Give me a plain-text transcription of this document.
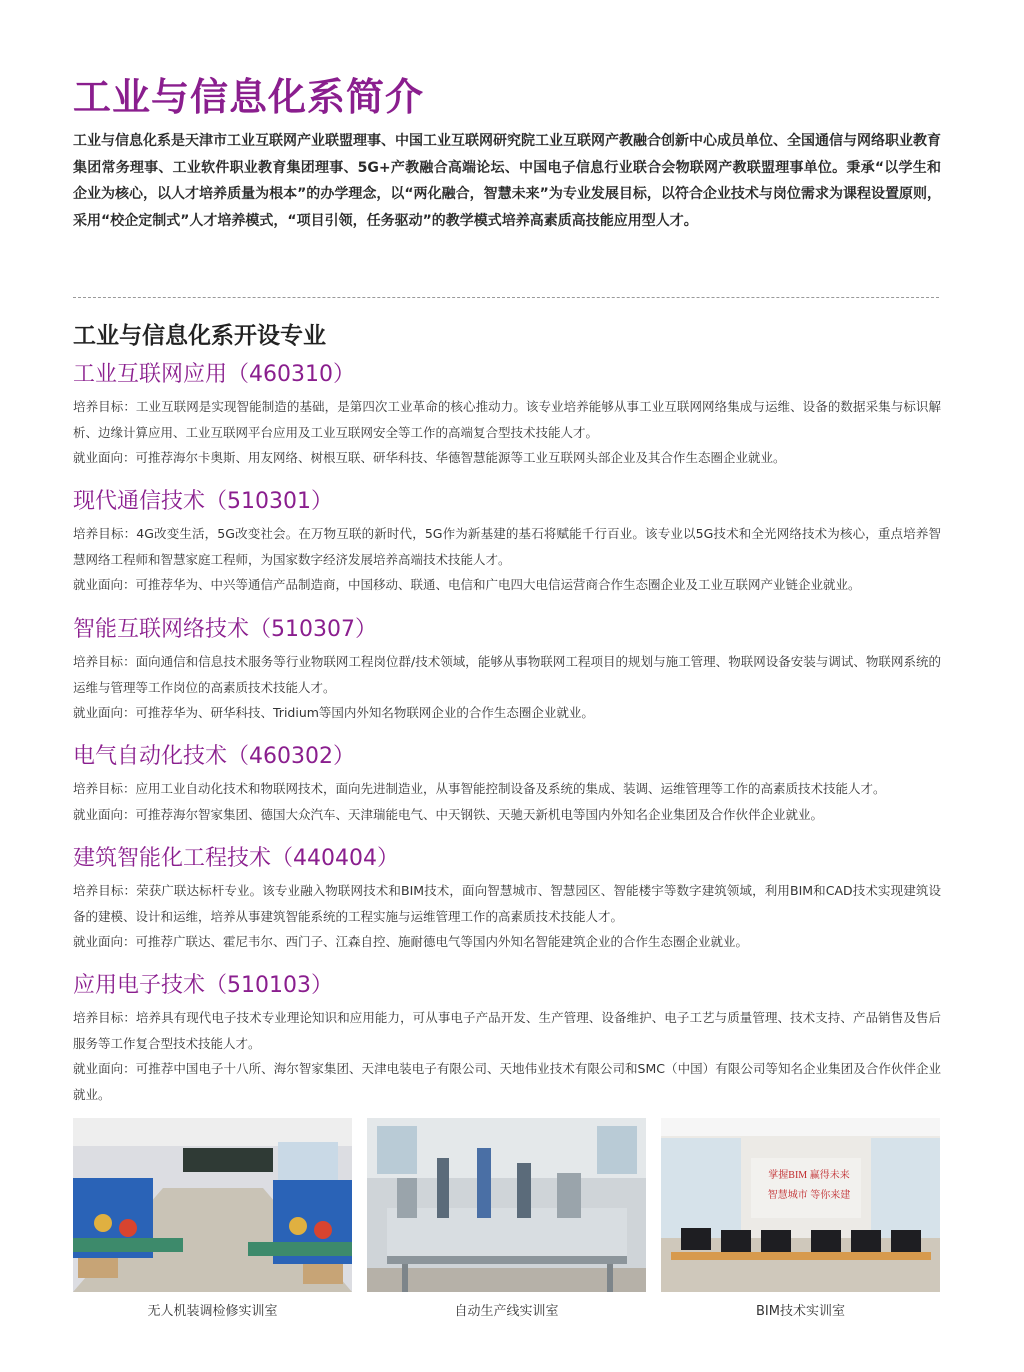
工业与信息化系简介

工业与信息化系是天津市工业互联网产业联盟理事、中国工业互联网研究院工业互联网产教融合创新中心成员单位、全国通信与网络职业教育集团常务理事、工业软件职业教育集团理事、5G+产教融合高端论坛、中国电子信息行业联合会物联网产教联盟理事单位。秉承“以学生和企业为核心，以人才培养质量为根本”的办学理念，以“两化融合，智慧未来”为专业发展目标，以符合企业技术与岗位需求为课程设置原则，采用“校企定制式”人才培养模式，“项目引领，任务驱动”的教学模式培养高素质高技能应用型人才。

工业与信息化系开设专业
工业互联网应用（460310）

培养目标：工业互联网是实现智能制造的基础，是第四次工业革命的核心推动力。该专业培养能够从事工业互联网网络集成与运维、设备的数据采集与标识解析、边缘计算应用、工业互联网平台应用及工业互联网安全等工作的高端复合型技术技能人才。

就业面向：可推荐海尔卡奥斯、用友网络、树根互联、研华科技、华德智慧能源等工业互联网头部企业及其合作生态圈企业就业。

现代通信技术（510301）

培养目标：4G改变生活，5G改变社会。在万物互联的新时代，5G作为新基建的基石将赋能千行百业。该专业以5G技术和全光网络技术为核心，重点培养智慧网络工程师和智慧家庭工程师，为国家数字经济发展培养高端技术技能人才。

就业面向：可推荐华为、中兴等通信产品制造商，中国移动、联通、电信和广电四大电信运营商合作生态圈企业及工业互联网产业链企业就业。

智能互联网络技术（510307）

培养目标：面向通信和信息技术服务等行业物联网工程岗位群/技术领域，能够从事物联网工程项目的规划与施工管理、物联网设备安装与调试、物联网系统的运维与管理等工作岗位的高素质技术技能人才。

就业面向：可推荐华为、研华科技、Tridium等国内外知名物联网企业的合作生态圈企业就业。

电气自动化技术（460302）

培养目标：应用工业自动化技术和物联网技术，面向先进制造业，从事智能控制设备及系统的集成、装调、运维管理等工作的高素质技术技能人才。

就业面向：可推荐海尔智家集团、德国大众汽车、天津瑞能电气、中天钢铁、天驰天新机电等国内外知名企业集团及合作伙伴企业就业。

建筑智能化工程技术（440404）

培养目标：荣获广联达标杆专业。该专业融入物联网技术和BIM技术，面向智慧城市、智慧园区、智能楼宇等数字建筑领域，利用BIM和CAD技术实现建筑设备的建模、设计和运维，培养从事建筑智能系统的工程实施与运维管理工作的高素质技术技能人才。

就业面向：可推荐广联达、霍尼韦尔、西门子、江森自控、施耐德电气等国内外知名智能建筑企业的合作生态圈企业就业。

应用电子技术（510103）

培养目标：培养具有现代电子技术专业理论知识和应用能力，可从事电子产品开发、生产管理、设备维护、电子工艺与质量管理、技术支持、产品销售及售后服务等工作复合型技术技能人才。

就业面向：可推荐中国电子十八所、海尔智家集团、天津电装电子有限公司、天地伟业技术有限公司和SMC（中国）有限公司等知名企业集团及合作伙伴企业就业。

无人机装调检修实训室	自动生产线实训室
掌握BIM 赢得未来
智慧城市 等你来建
BIM技术实训室
